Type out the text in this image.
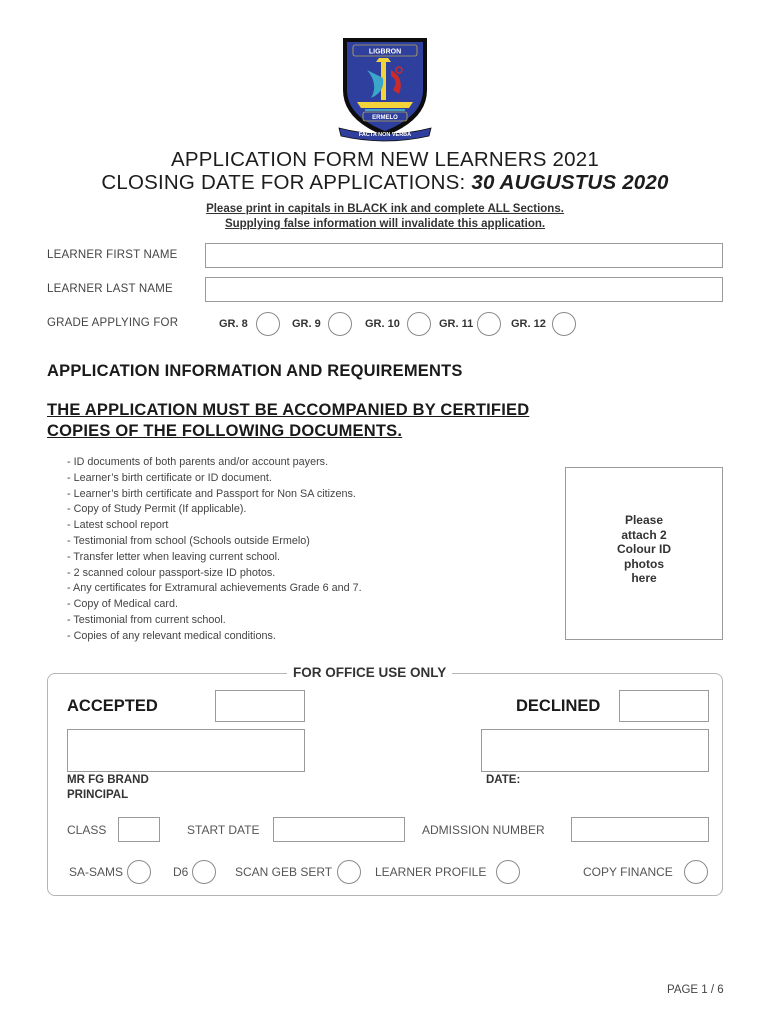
LIGBRON
ERMELO
FACTA NON VERBA
APPLICATION FORM NEW LEARNERS 2021
CLOSING DATE FOR APPLICATIONS: 30 AUGUSTUS 2020
Please print in capitals in BLACK ink and complete ALL Sections.
Supplying false information will invalidate this application.
LEARNER FIRST NAME
LEARNER LAST NAME
GRADE APPLYING FOR	GR. 8	GR. 9	GR. 10	GR. 11	GR. 12
APPLICATION INFORMATION AND REQUIREMENTS
THE APPLICATION MUST BE ACCOMPANIED BY CERTIFIED
COPIES OF THE FOLLOWING DOCUMENTS.
- ID documents of both parents and/or account payers.
- Learner’s birth certificate or ID document.
- Learner’s birth certificate and Passport for Non SA citizens.
- Copy of Study Permit (If applicable).
- Latest school report
- Testimonial from school (Schools outside Ermelo)
- Transfer letter when leaving current school.
- 2 scanned colour passport-size ID photos.
- Any certificates for Extramural achievements Grade 6 and 7.
- Copy of Medical card.
- Testimonial from current school.
- Copies of any relevant medical conditions.
Please
attach 2
Colour ID
photos
here
FOR OFFICE USE ONLY
ACCEPTED	DECLINED
MR FG BRAND
PRINCIPAL
DATE:
CLASS	START DATE	ADMISSION NUMBER
SA-SAMS	D6	SCAN GEB SERT	LEARNER PROFILE	COPY FINANCE
PAGE 1 / 6
